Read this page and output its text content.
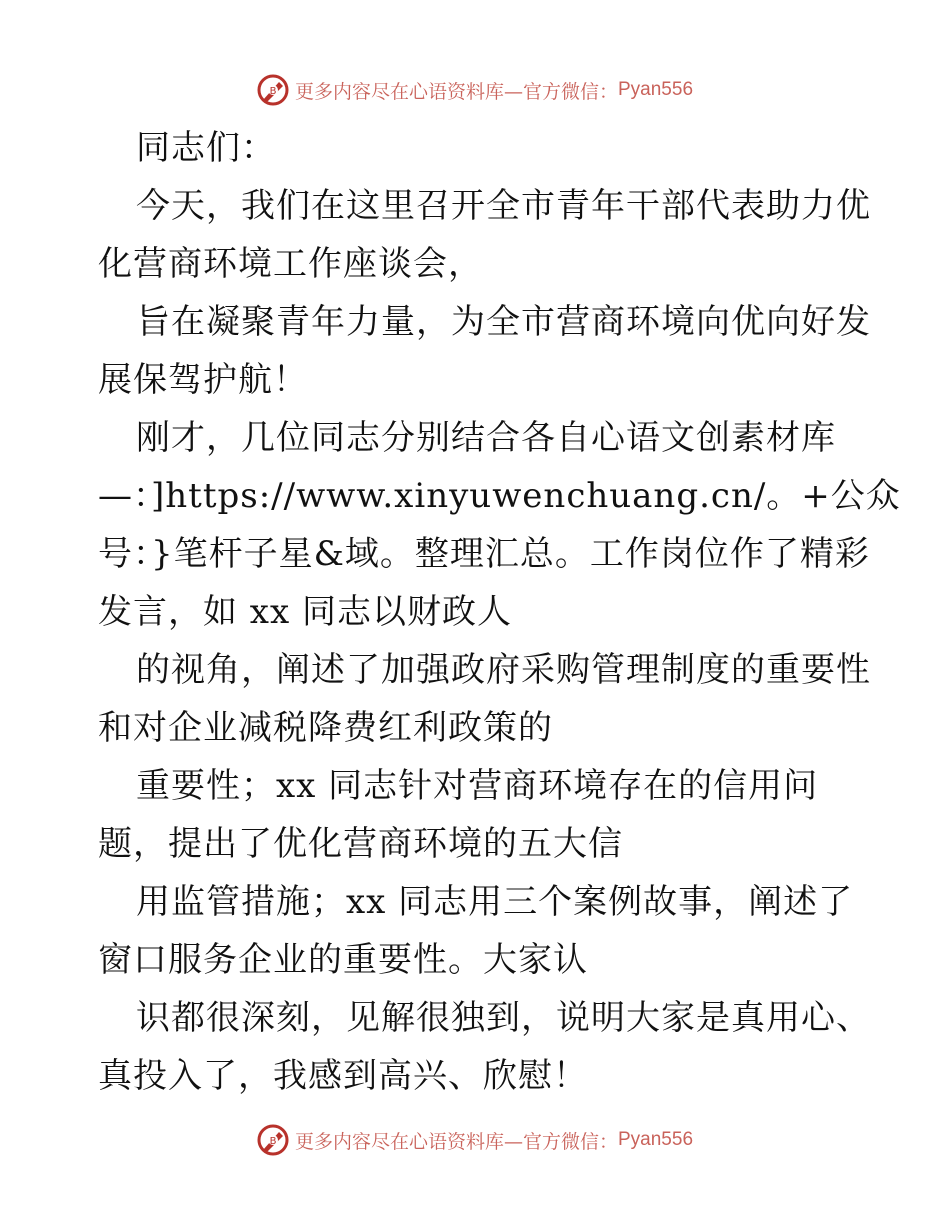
B 更多内容尽在心语资料库—官方微信： Pyan556
同志们：
今天，我们在这里召开全市青年干部代表助力优
化营商环境工作座谈会，
旨在凝聚青年力量，为全市营商环境向优向好发
展保驾护航！
刚才，几位同志分别结合各自心语文创素材库
—：]https://www.xinyuwenchuang.cn/。+公众
号：}笔杆子星&域。整理汇总。工作岗位作了精彩
发言，如 xx 同志以财政人
的视角，阐述了加强政府采购管理制度的重要性
和对企业减税降费红利政策的
重要性；xx 同志针对营商环境存在的信用问
题，提出了优化营商环境的五大信
用监管措施；xx 同志用三个案例故事，阐述了
窗口服务企业的重要性。大家认
识都很深刻，见解很独到，说明大家是真用心、
真投入了，我感到高兴、欣慰！
B 更多内容尽在心语资料库—官方微信： Pyan556
